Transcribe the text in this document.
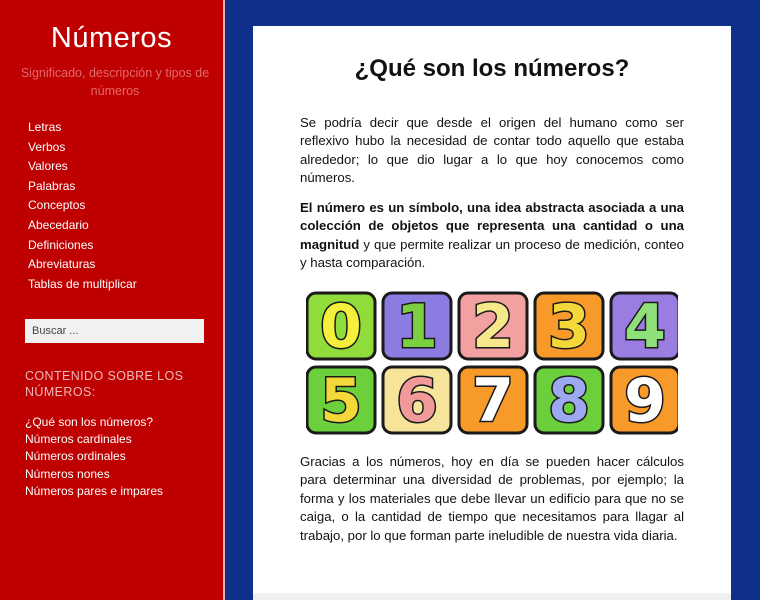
Números
Significado, descripción y tipos de números
Letras
Verbos
Valores
Palabras
Conceptos
Abecedario
Definiciones
Abreviaturas
Tablas de multiplicar
Buscar ...
CONTENIDO SOBRE LOS NÚMEROS:
¿Qué son los números?
Números cardinales
Números ordinales
Números nones
Números pares e impares
¿Qué son los números?

Se podría decir que desde el origen del humano como ser reflexivo hubo la necesidad de contar todo aquello que estaba alrededor; lo que dio lugar a lo que hoy conocemos como números.

El número es un símbolo, una idea abstracta asociada a una colección de objetos que representa una cantidad o una magnitud y que permite realizar un proceso de medición, conteo y hasta comparación.

0 1 2 3 4
5 6 7 8 9

Gracias a los números, hoy en día se pueden hacer cálculos para determinar una diversidad de problemas, por ejemplo; la forma y los materiales que debe llevar un edificio para que no se caiga, o la cantidad de tiempo que necesitamos para llagar al trabajo, por lo que forman parte ineludible de nuestra vida diaria.
